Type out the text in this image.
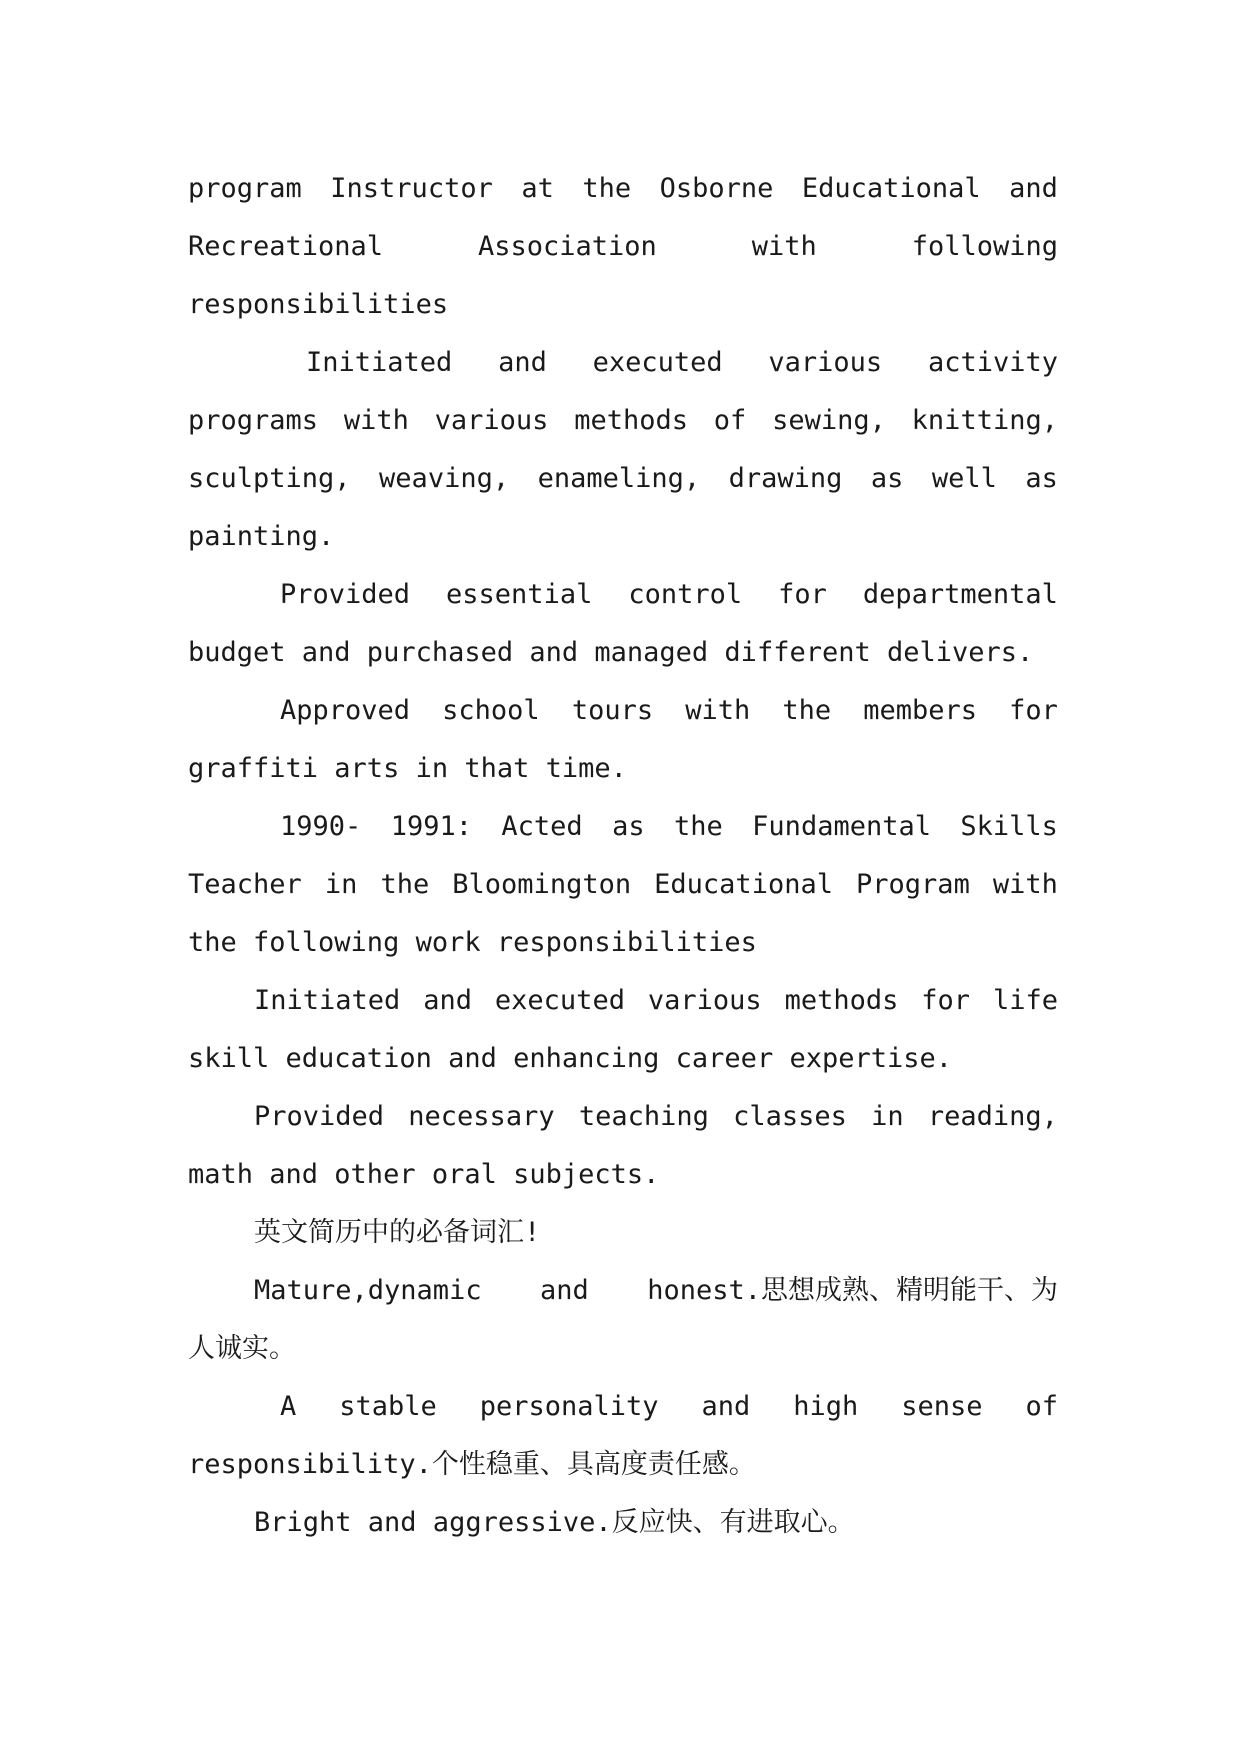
program Instructor at the Osborne Educational and
Recreational	Association	with	following
responsibilities
Initiated and executed various activity
programs with various methods of sewing, knitting,
sculpting, weaving, enameling, drawing as well as
painting.
Provided essential control for departmental
budget and purchased and managed different delivers.
Approved school tours with the members for
graffiti arts in that time.
1990- 1991: Acted as the Fundamental Skills
Teacher in the Bloomington Educational Program with
the following work responsibilities
Initiated and executed various methods for life
skill education and enhancing career expertise.
Provided necessary teaching classes in reading,
math and other oral subjects.
英文简历中的必备词汇!
Mature,dynamic and honest.思想成熟、精明能干、为
人诚实。
A stable personality and high sense of
responsibility.个性稳重、具高度责任感。
Bright and aggressive.反应快、有进取心。
